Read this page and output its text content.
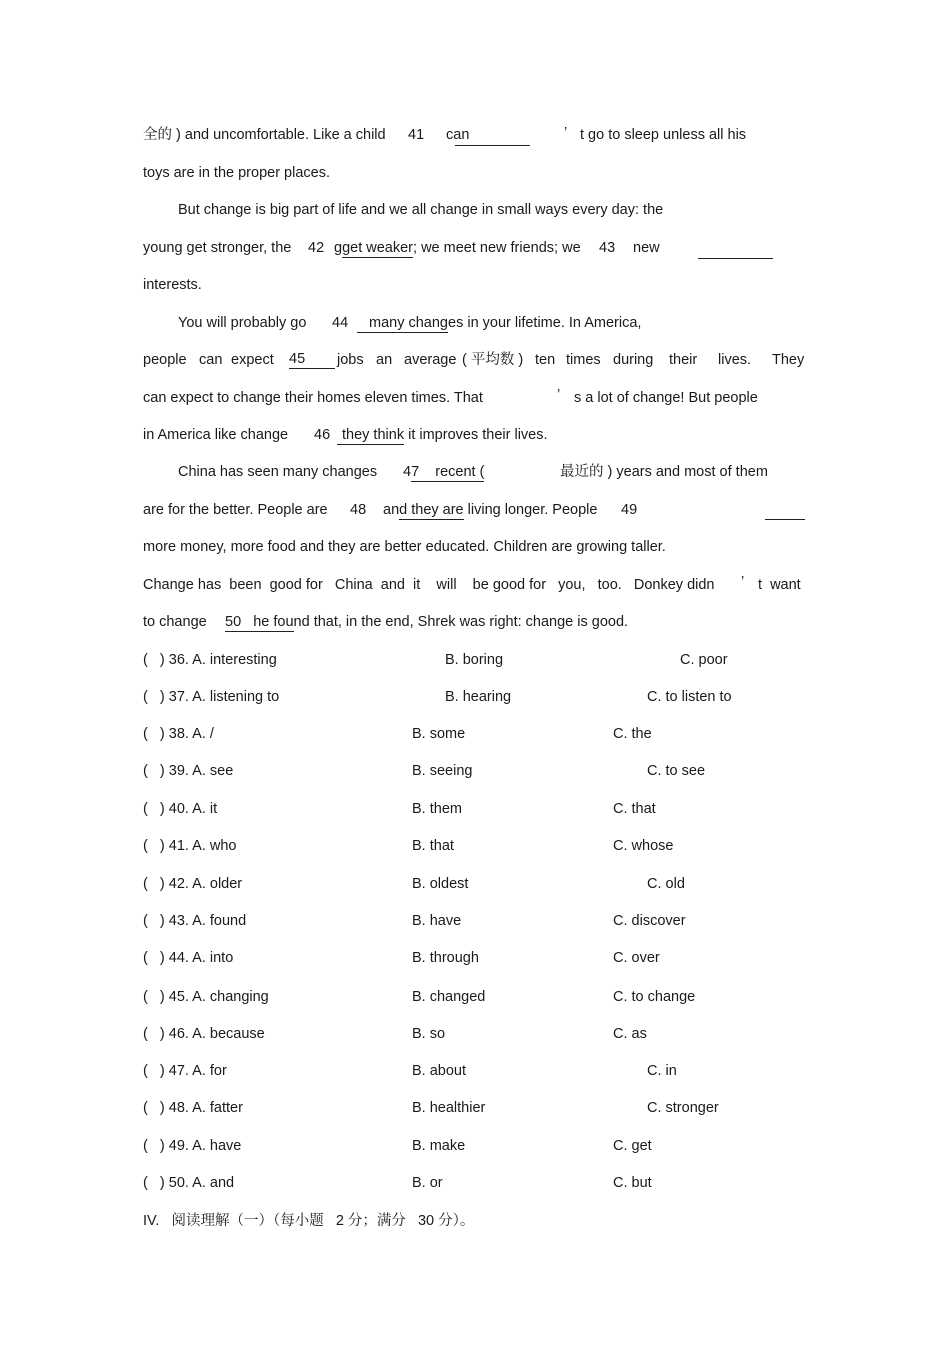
全的 ) and uncomfortable. Like a child 41 can	’ t go to sleep unless all his
toys are in the proper places.
But change is big part of life and we all change in small ways every day: the
young get stronger, the 42 gget weaker; we meet new friends; we 43 new
interests.
You will probably go 44	many changes in your lifetime. In America,
people can expect 45	jobs an average ( 平均数 ) ten times during their lives. They
can expect to change their homes eleven times. That	’ s a lot of change! But people
in America like change 46 they think it improves their lives.
China has seen many changes 47    recent (	最近的 ) years and most of them
are for the better. People are 48 and they are living longer. People 49
more money, more food and they are better educated. Children are growing taller.
Change has  been  good for   China  and  it    will    be good for   you,   too.   Donkey didn ’ t  want
to change 50   he found that, in the end, Shrek was right: change is good.
(   ) 36. A. interesting	B. boring	C. poor
(   ) 37. A. listening to	B. hearing	C. to listen to
(   ) 38. A. /	B. some	C. the
(   ) 39. A. see	B. seeing	C. to see
(   ) 40. A. it	B. them	C. that
(   ) 41. A. who	B. that	C. whose
(   ) 42. A. older	B. oldest	C. old
(   ) 43. A. found	B. have	C. discover
(   ) 44. A. into	B. through	C. over
(   ) 45. A. changing	B. changed	C. to change
(   ) 46. A. because	B. so	C. as
(   ) 47. A. for	B. about	C. in
(   ) 48. A. fatter	B. healthier	C. stronger
(   ) 49. A. have	B. make	C. get
(   ) 50. A. and	B. or	C. but
IV.   阅读理解（一）（每小题   2 分；满分   30 分）。
